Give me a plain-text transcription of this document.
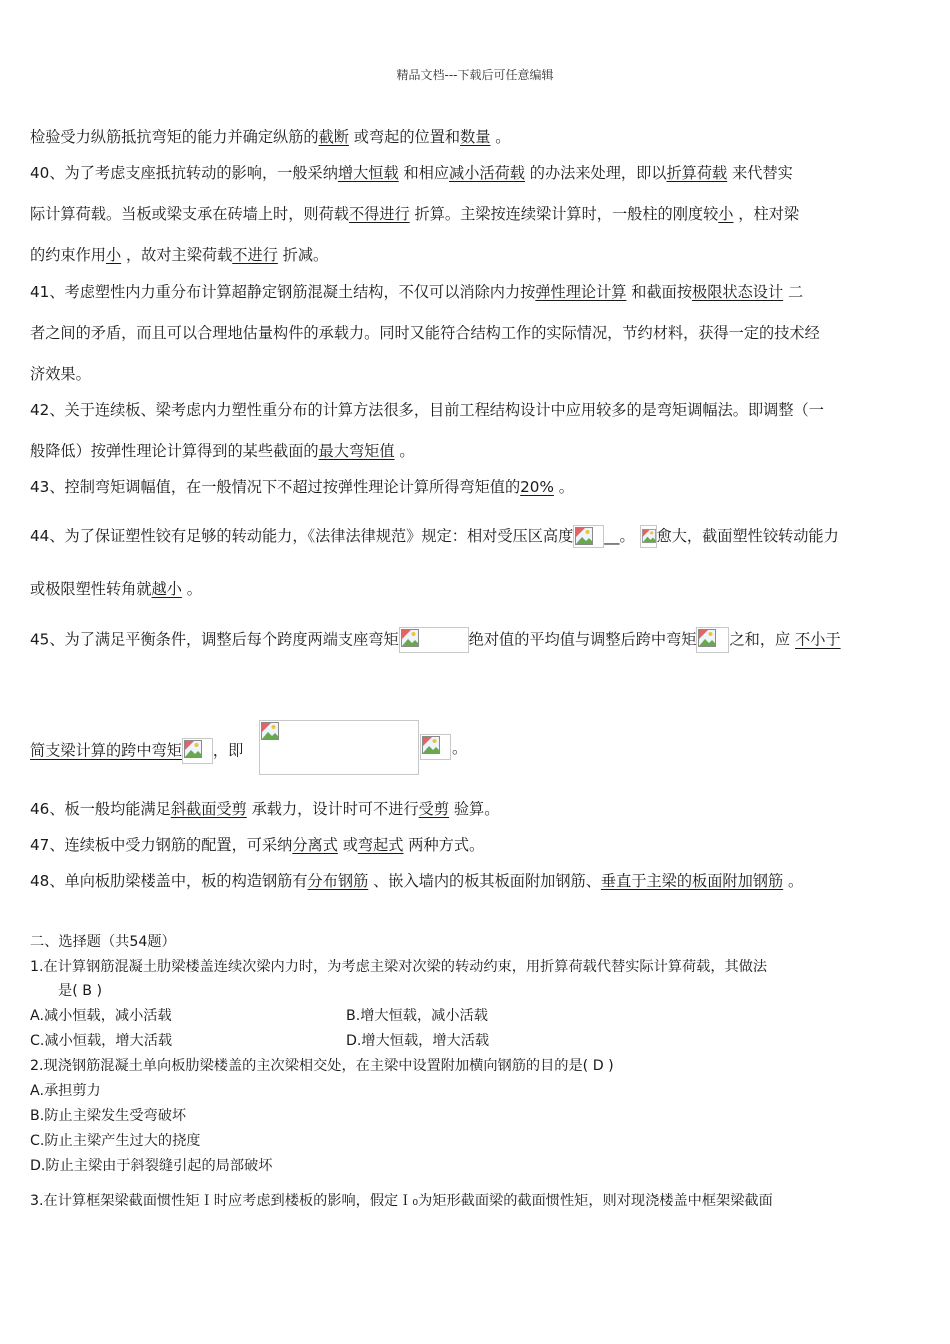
精品文档---下载后可任意编辑
检验受力纵筋抵抗弯矩的能力并确定纵筋的截断 或弯起的位置和数量 。
40、为了考虑支座抵抗转动的影响，一般采纳增大恒载 和相应减小活荷载 的办法来处理，即以折算荷载 来代替实
际计算荷载。当板或梁支承在砖墙上时，则荷载不得进行 折算。主梁按连续梁计算时，一般柱的刚度较小 ，柱对梁
的约束作用小 ，故对主梁荷载不进行 折减。
41、考虑塑性内力重分布计算超静定钢筋混凝土结构，不仅可以消除内力按弹性理论计算 和截面按极限状态设计 二
者之间的矛盾，而且可以合理地估量构件的承载力。同时又能符合结构工作的实际情况，节约材料，获得一定的技术经
济效果。
42、关于连续板、梁考虑内力塑性重分布的计算方法很多，目前工程结构设计中应用较多的是弯矩调幅法。即调整（一
般降低）按弹性理论计算得到的某些截面的最大弯矩值 。
43、控制弯矩调幅值，在一般情况下不超过按弹性理论计算所得弯矩值的20% 。
44、为了保证塑性铰有足够的转动能力，《法律法律规范》规定：相对受压区高度 __。 愈大，截面塑性铰转动能力
或极限塑性转角就越小 。
45、为了满足平衡条件，调整后每个跨度两端支座弯矩	绝对值的平均值与调整后跨中弯矩 之和，应 不小于
简支梁计算的跨中弯矩 ，即	。
46、板一般均能满足斜截面受剪 承载力，设计时可不进行受剪 验算。
47、连续板中受力钢筋的配置，可采纳分离式 或弯起式 两种方式。
48、单向板肋梁楼盖中，板的构造钢筋有分布钢筋 、嵌入墙内的板其板面附加钢筋、垂直于主梁的板面附加钢筋 。
二、选择题（共54题）
1.在计算钢筋混凝土肋梁楼盖连续次梁内力时，为考虑主梁对次梁的转动约束，用折算荷载代替实际计算荷载，其做法
是( B )
A.减小恒载，减小活载	B.增大恒载，减小活载
C.减小恒载，增大活载	D.增大恒载，增大活载
2.现浇钢筋混凝土单向板肋梁楼盖的主次梁相交处，在主梁中设置附加横向钢筋的目的是( D )
A.承担剪力
B.防止主梁发生受弯破坏
C.防止主梁产生过大的挠度
D.防止主梁由于斜裂缝引起的局部破坏
3.在计算框架梁截面惯性矩Ｉ时应考虑到楼板的影响，假定Ｉ₀为矩形截面梁的截面惯性矩，则对现浇楼盖中框架梁截面
